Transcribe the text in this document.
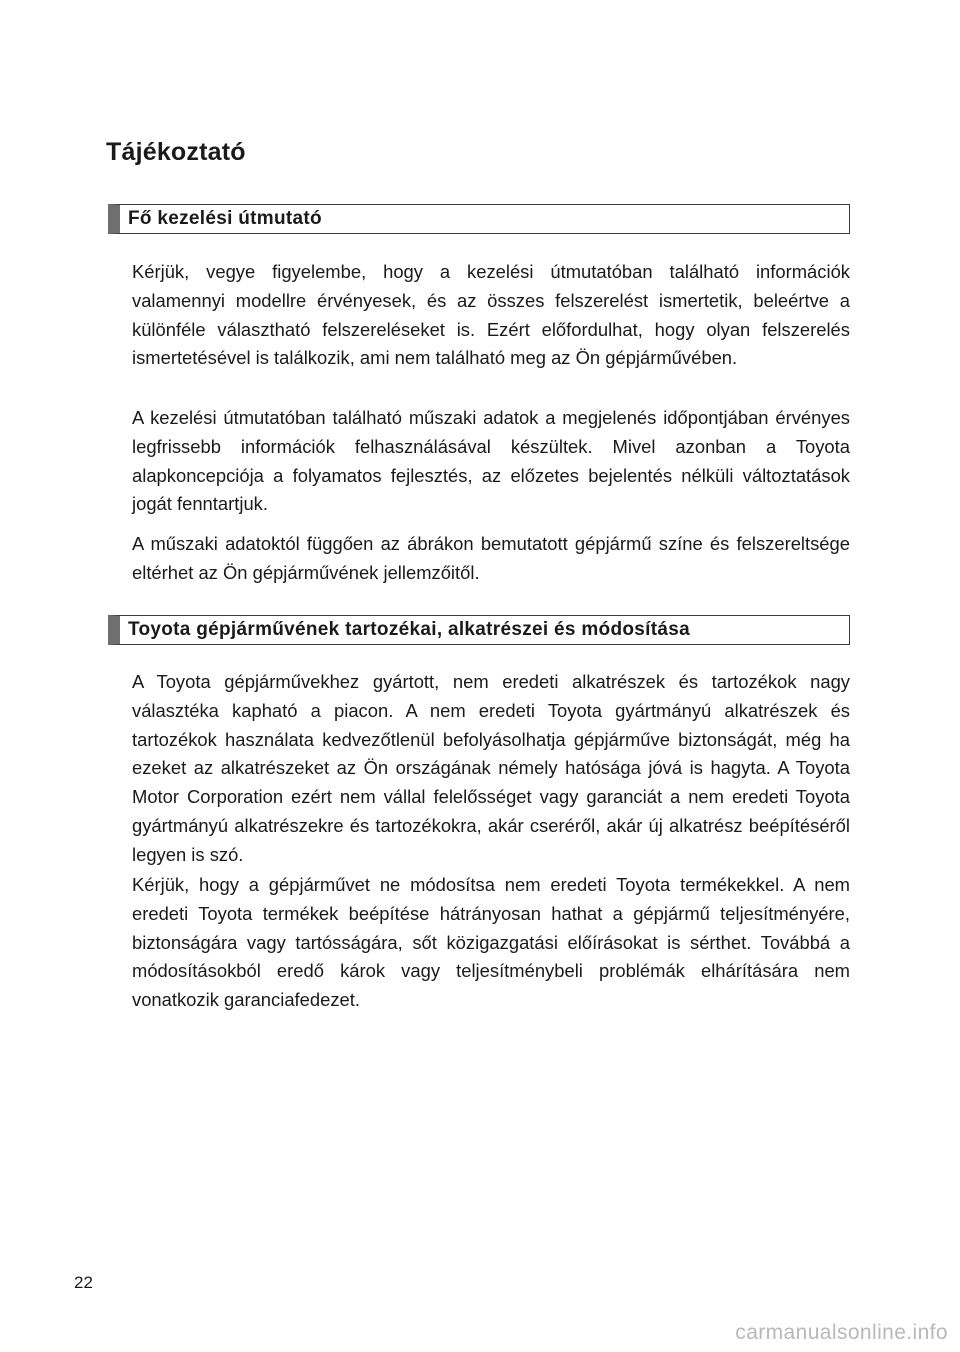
Tájékoztató
Fő kezelési útmutató

Kérjük, vegye figyelembe, hogy a kezelési útmutatóban található információk valamennyi modellre érvényesek, és az összes felszerelést ismertetik, beleértve a különféle választható felszereléseket is. Ezért előfordulhat, hogy olyan felszerelés ismertetésével is találkozik, ami nem található meg az Ön gépjárművében.

A kezelési útmutatóban található műszaki adatok a megjelenés időpontjában érvényes legfrissebb információk felhasználásával készültek. Mivel azonban a Toyota alapkoncepciója a folyamatos fejlesztés, az előzetes bejelentés nélküli változtatások jogát fenntartjuk.

A műszaki adatoktól függően az ábrákon bemutatott gépjármű színe és felszereltsége eltérhet az Ön gépjárművének jellemzőitől.

Toyota gépjárművének tartozékai, alkatrészei és módosítása

A Toyota gépjárművekhez gyártott, nem eredeti alkatrészek és tartozékok nagy választéka kapható a piacon. A nem eredeti Toyota gyártmányú alkatrészek és tartozékok használata kedvezőtlenül befolyásolhatja gépjárműve biztonságát, még ha ezeket az alkatrészeket az Ön országának némely hatósága jóvá is hagyta. A Toyota Motor Corporation ezért nem vállal felelősséget vagy garanciát a nem eredeti Toyota gyártmányú alkatrészekre és tartozékokra, akár cseréről, akár új alkatrész beépítéséről legyen is szó.

Kérjük, hogy a gépjárművet ne módosítsa nem eredeti Toyota termékekkel. A nem eredeti Toyota termékek beépítése hátrányosan hathat a gépjármű teljesítményére, biztonságára vagy tartósságára, sőt közigazgatási előírásokat is sérthet. Továbbá a módosításokból eredő károk vagy teljesítménybeli problémák elhárítására nem vonatkozik garanciafedezet.

22

carmanualsonline.info
